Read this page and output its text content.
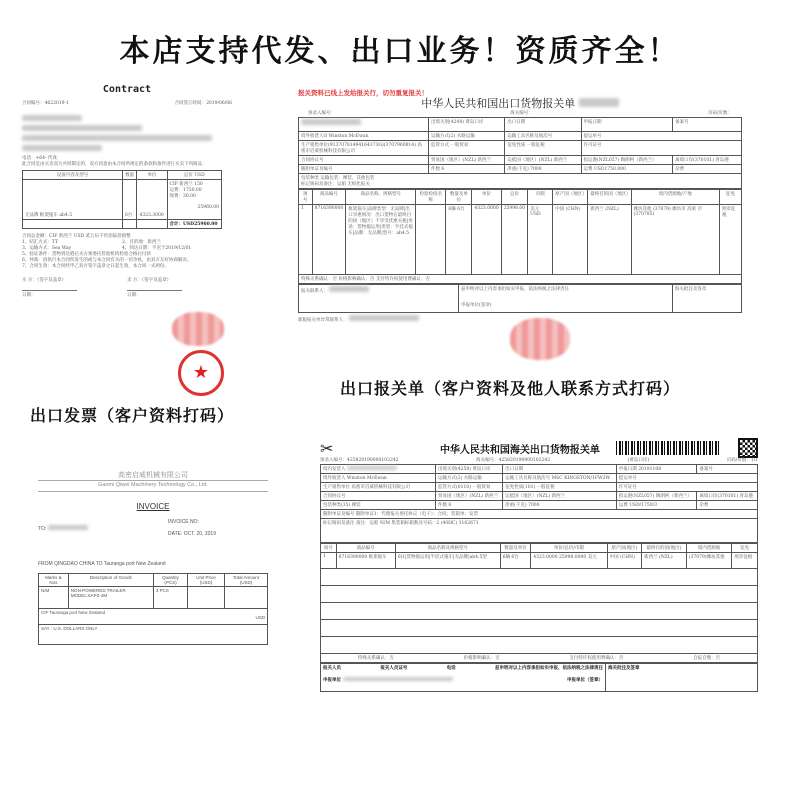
本店支持代发、出口业务！资质齐全！
Contract
合同编号：4622019-1	合同签订时间：2019/06/06

电话：+64- 传真：
此合同是由买卖双方共同制定的，双方同意由本合同所规定的条款和条件进行买卖下列商品：
设备内容及型号	数量	单价	总价 USD
无品牌 框架拖车 ab4.5	6台	4323.3000	CIF 新西兰 150
运费：1750.00
保费：30.00
25960.00

			合计：USD25960.00
合同总金额：CIF 新西兰 USD 贰万伍千玖佰陆拾圆整
1、结汇方式：TT	2、目的地：新西兰
3、运输方式：Sea Way	4、到达日期：不迟于2019/12/01
5、验证条件：货物到达港后买方须委托检验机构检验合格后付款
6、仲裁：因执行本合同所发生的或与本合同有关的一切争执，由双方友好协商解决。
7、合同生效：本合同经甲乙双方签字盖章之日起生效，本合同一式两份。
买 方：（签字及盖章）	卖 方：（签字及盖章）
日期：	日期：
★
出口发票（客户资料打码）
报关资料已线上发给报关行，切勿重复报关！
中华人民共和国出口货物报关单
预录入编号：	海关编号：	页码/页数：
	出境关别(4208) 黄岛口岸	出口日期	申报日期	备案号
境外收货人O Winston McEwan	运输方式(2) 水路运输	运输工具名称及航次号	提运单号	
生产销售单位(91370781494164373G)(3707960814) 高密市启威机械科技有限公司	监管方式 一般贸易	征免性质 一般征税	许可证号	
合同协议号	贸易国（地区）(NZL) 新西兰	运抵国（地区）(NZL) 新西兰	指运港(NZL057) 陶朗阿（新西兰）	离境口岸(370101) 青岛港
随附单证及编号	件数 6	净重(千克) 7000	运费 USD1750.000	杂费

包装种类 运输包装：裸装，其他包装
标记唛码及备注：运船 无纸化报关				
项号	商品编号	商品名称、规格型号	检验检疫名称	数量及单位	单价	总价	币制	原产国（地区）	最终目的国（地区）	境内货源地/产地	征免
1	8716390000	框架拖车|品牌类型：无品牌|出口享惠情况：出口货物在最终目的国（地区）不享受优惠关税|用途：货物拖运用|类型：半挂式拖车|品牌：无品牌|型号：ab4.5		6辆 6台	4323.0000	25998.00	美元 USD	中国 (CHN)	新西兰 (NZL)	潍坊其他 (37079) 潍坊市 高密 市(370785)	照章征税
特殊关系确认：否 价格影响确认：否 支付特许权使用费确认：否											
报关联系人：	兹申明对以上内容承担如实申报、依法纳税之法律责任
申报单位(签章)
	海关批注及签章
新版报关单异常联系人：
出口报关单（客户资料及他人联系方式打码）
高密启威机械有限公司
Gaomi Qiwei Machinery Technology Co., Ltd.
INVOICE
TO:
INVOICE NO:
DATE: OCT. 20, 2019
FROM QINGDAO CHINA TO Tauranga port New Zealand
Marks & Nos	Description of Goods	Quantity (PCS)	Unit Price (USD)	Total Amount (USD)
N/M	NON-POWERED TRAILER MODEL:6APZ-4M	3 PCS		

CIF Tauranga port New Zealand
USD				

SAY : U.S. DOLLARS ONLY				
✂	中华人民共和国海关出口货物报关单
预录入编号：425820190000102242	海关编号：425820190000102242	(黄岛口岸)	页码/页数：1/1
境内发货人	出境关别(4258) 黄岛口岸	出口日期	申报日期 20191108	备案号
境外收货人 Winston McEwan	运输方式(2) 水路运输	运输工具名称及航次号 MSC KINGSTON/1FW2W	提运单号	
生产销售单位 高密市启威机械科技有限公司	监管方式(0110) 一般贸易	征免性质(101) 一般征税	许可证号	
合同协议号	贸易国（地区）(NZL) 新西兰	运抵国（地区）(NZL) 新西兰	指运港(NZL057) 陶朗阿（新西兰）	离境口岸(370101) 青岛港
包装种类(35) 裸装	件数 6	净重(千克) 7000	运费 USD/1750/3	杂费
随附单证及编号 随附单证1：代理报关委托协议（电子）；合同；装箱单；发票				
标记唛码及备注 备注：运船 N/M 集装箱标箱数及号码：2 (40HC) 3162671				
项号	商品编号	商品名称及规格型号	数量及单位	单价/总价/币制	原产国(地区)	最终目的国(地区)	境内货源地	征免
1	8716390000 框架拖车	0|1|货物拖运用|半挂式拖车|无品牌|ab4.5型	6辆 6台	4323.0000 25998.0000 美元	中国 (CHN)	新西兰 (NZL)	(37079)潍坊其他	照章征税

特殊关系确认：否 价格影响确认：否 支付特许权使用费确认：否 自报自缴：否								
报关人员	报关人员证号	电话	兹申明对以上内容承担如实申报、依法纳税之法律责任
申报单位	申报单位（签章）
	海关批注及签章
